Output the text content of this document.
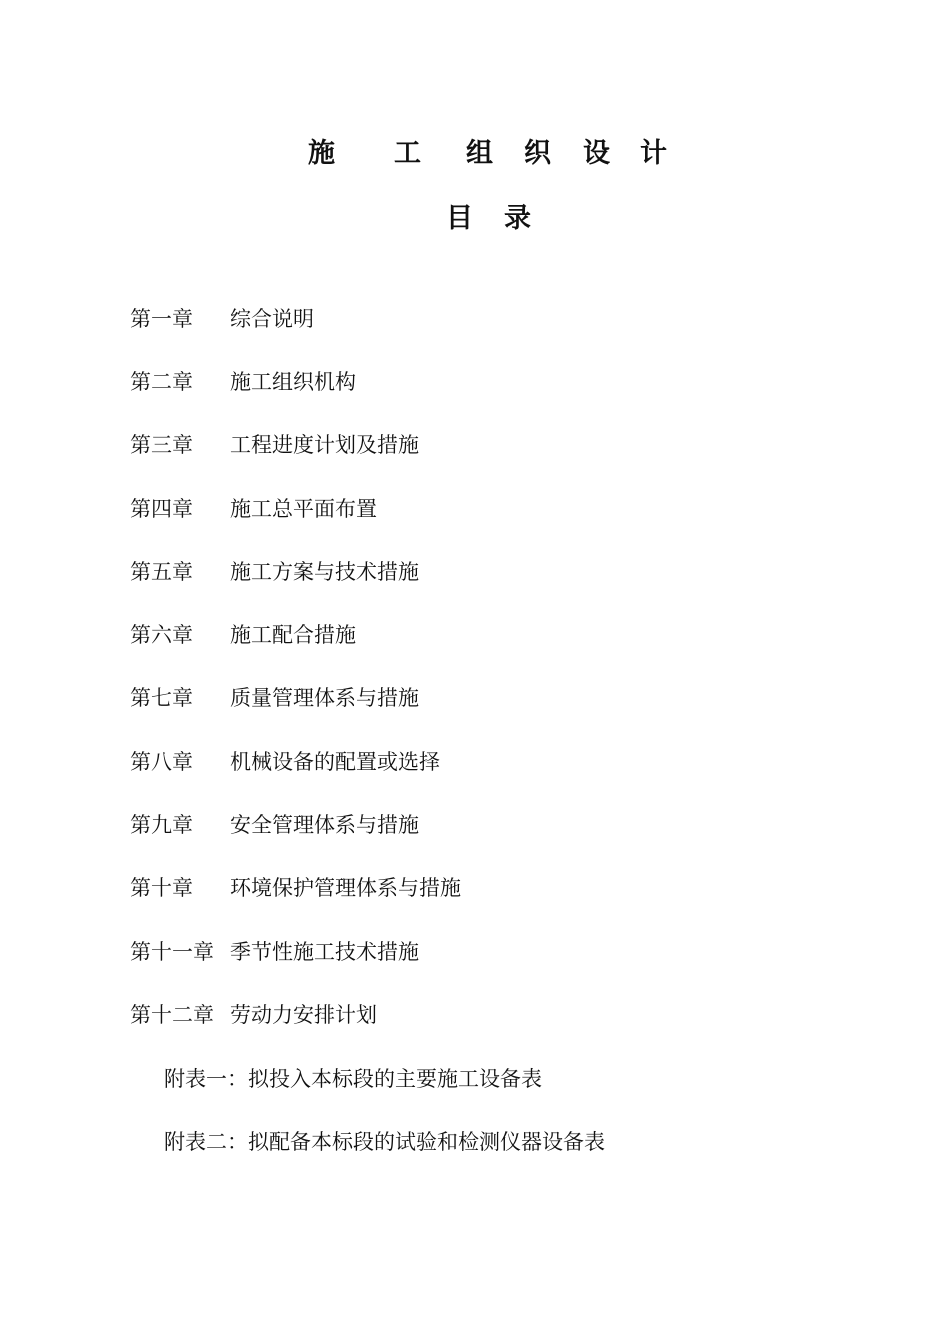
施 工 组 织 设 计
目 录
第一章 综合说明
第二章 施工组织机构
第三章 工程进度计划及措施
第四章 施工总平面布置
第五章 施工方案与技术措施
第六章 施工配合措施
第七章 质量管理体系与措施
第八章 机械设备的配置或选择
第九章 安全管理体系与措施
第十章 环境保护管理体系与措施
第十一章 季节性施工技术措施
第十二章 劳动力安排计划
附表一：拟投入本标段的主要施工设备表
附表二：拟配备本标段的试验和检测仪器设备表
